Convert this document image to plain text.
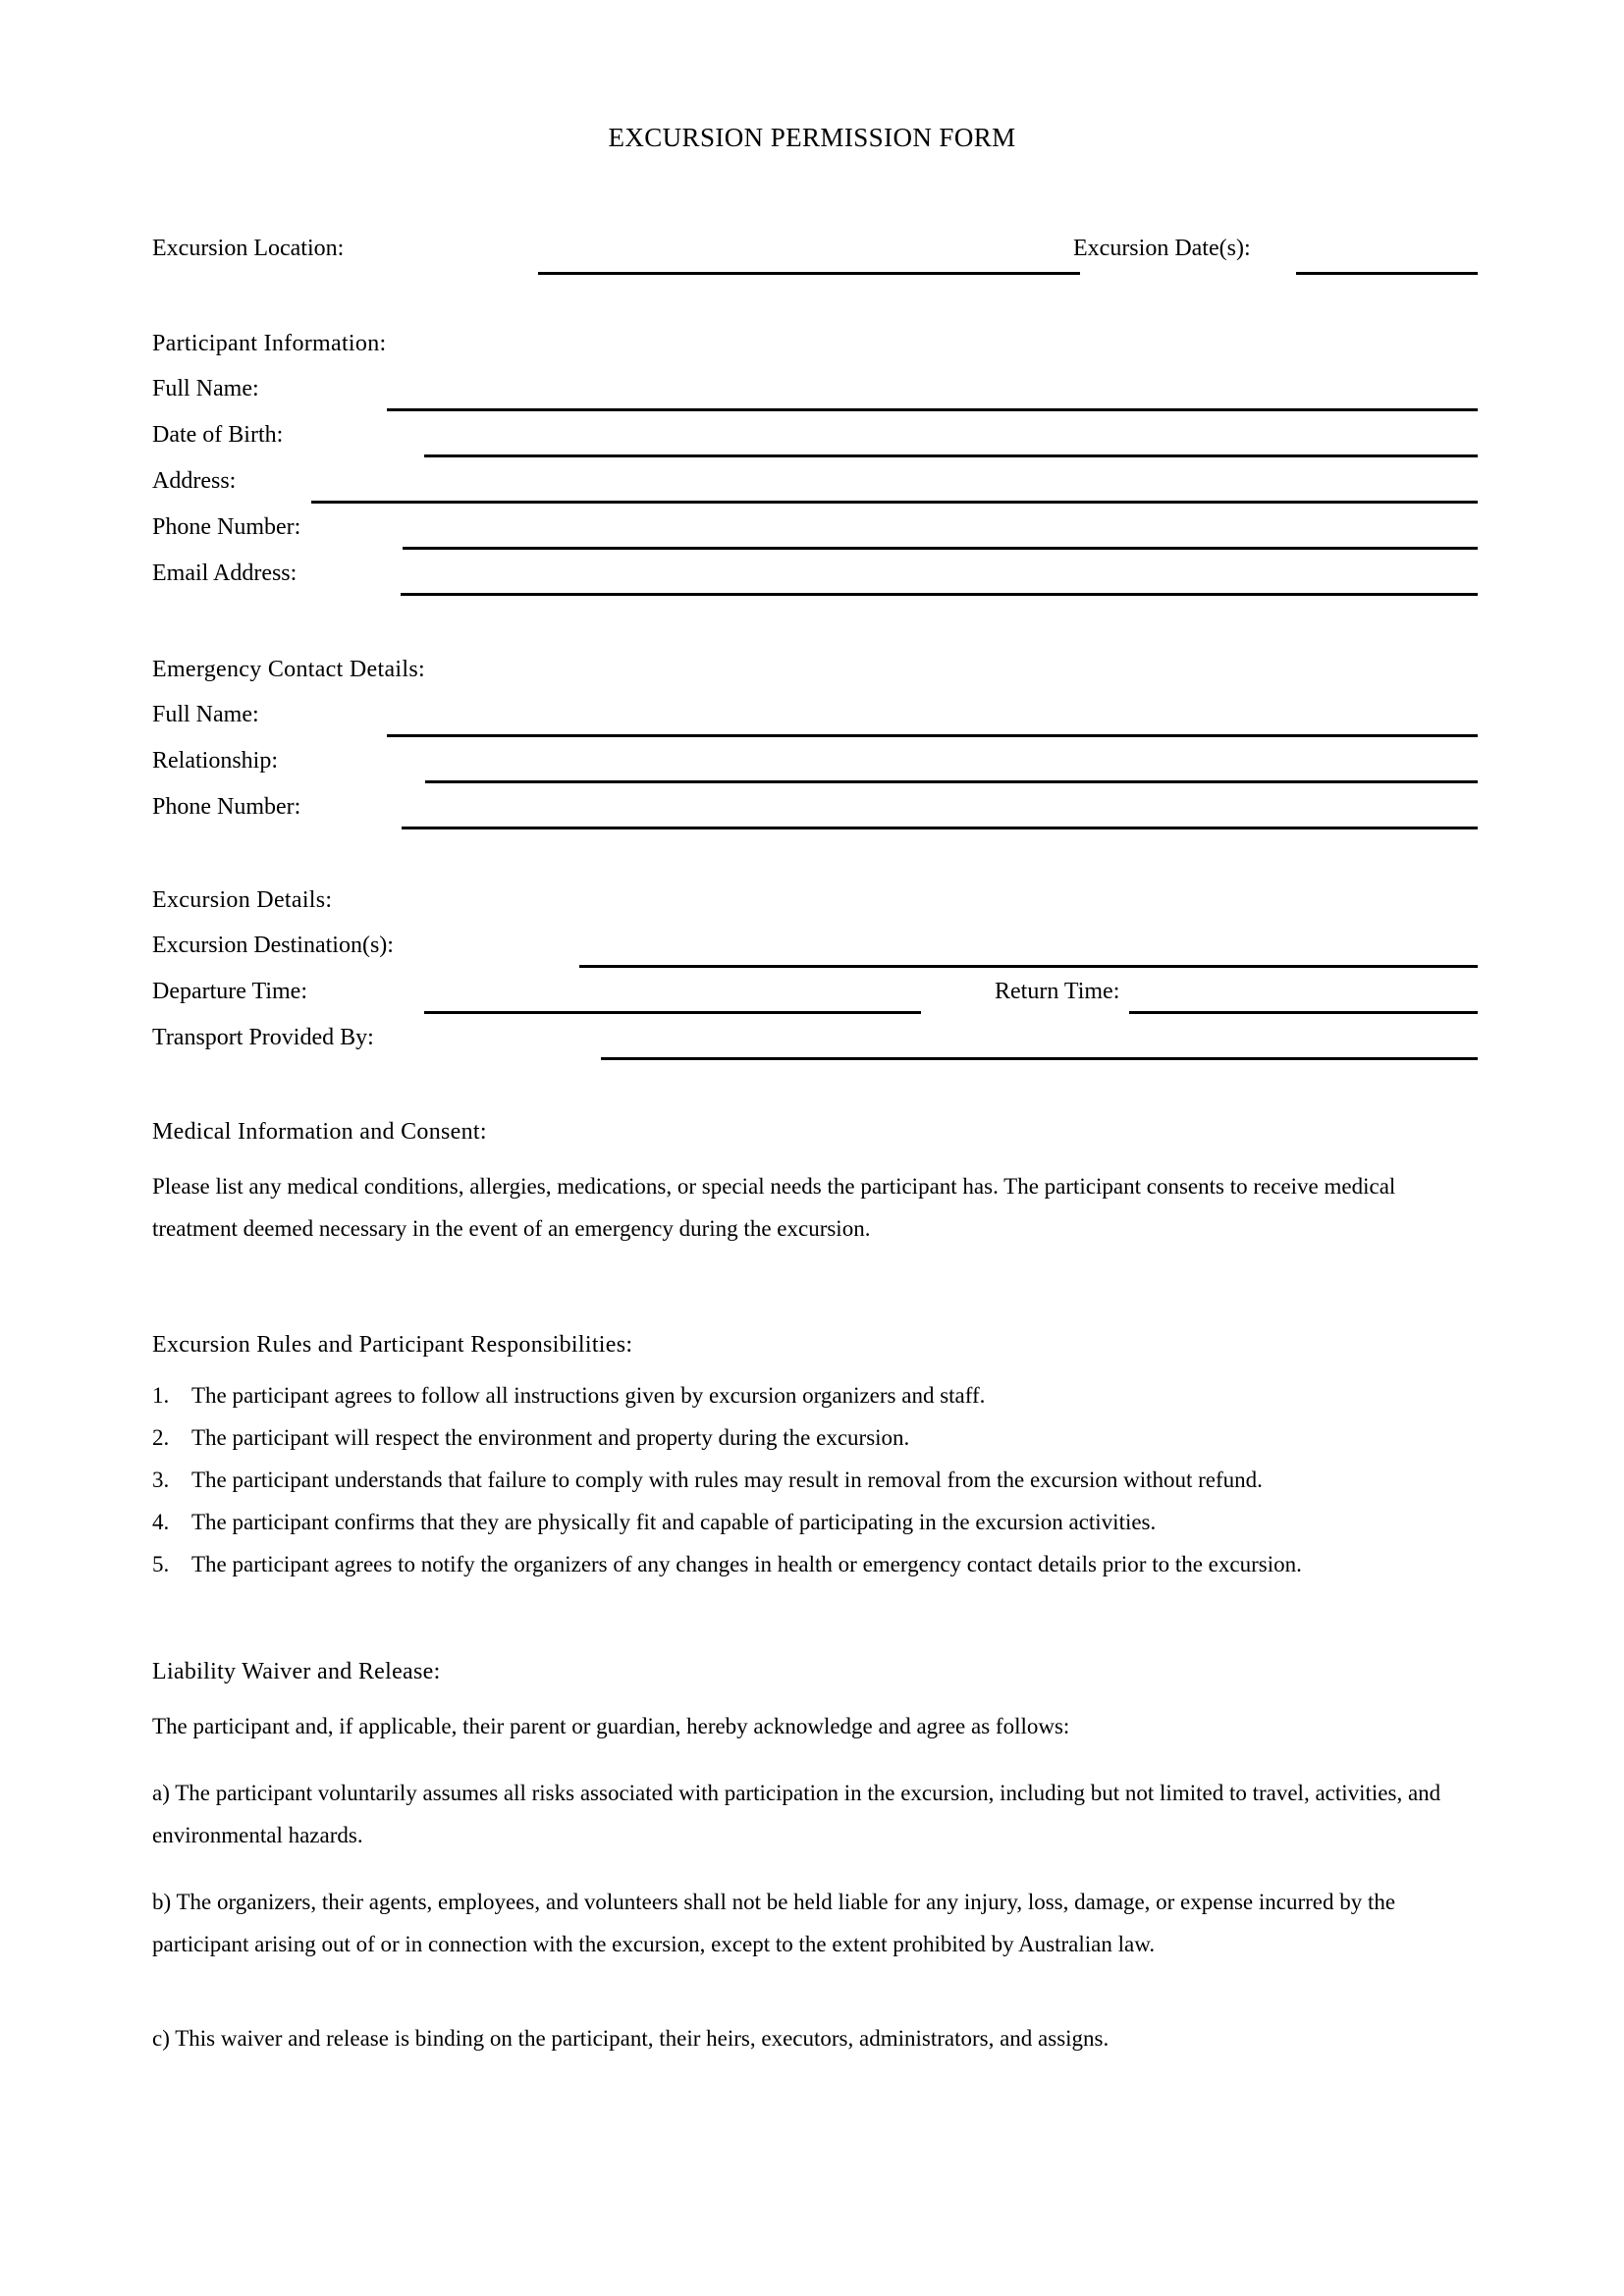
EXCURSION PERMISSION FORM
Excursion Location:	Excursion Date(s):
Participant Information:
Full Name:
Date of Birth:
Address:
Phone Number:
Email Address:
Emergency Contact Details:
Full Name:
Relationship:
Phone Number:
Excursion Details:
Excursion Destination(s):
Departure Time:	Return Time:
Transport Provided By:
Medical Information and Consent:
Please list any medical conditions, allergies, medications, or special needs the participant has. The participant consents to receive medical treatment deemed necessary in the event of an emergency during the excursion.
Excursion Rules and Participant Responsibilities:
1. The participant agrees to follow all instructions given by excursion organizers and staff.
2. The participant will respect the environment and property during the excursion.
3. The participant understands that failure to comply with rules may result in removal from the excursion without refund.
4. The participant confirms that they are physically fit and capable of participating in the excursion activities.
5. The participant agrees to notify the organizers of any changes in health or emergency contact details prior to the excursion.
Liability Waiver and Release:
The participant and, if applicable, their parent or guardian, hereby acknowledge and agree as follows:
a) The participant voluntarily assumes all risks associated with participation in the excursion, including but not limited to travel, activities, and environmental hazards.
b) The organizers, their agents, employees, and volunteers shall not be held liable for any injury, loss, damage, or expense incurred by the participant arising out of or in connection with the excursion, except to the extent prohibited by Australian law.
c) This waiver and release is binding on the participant, their heirs, executors, administrators, and assigns.
